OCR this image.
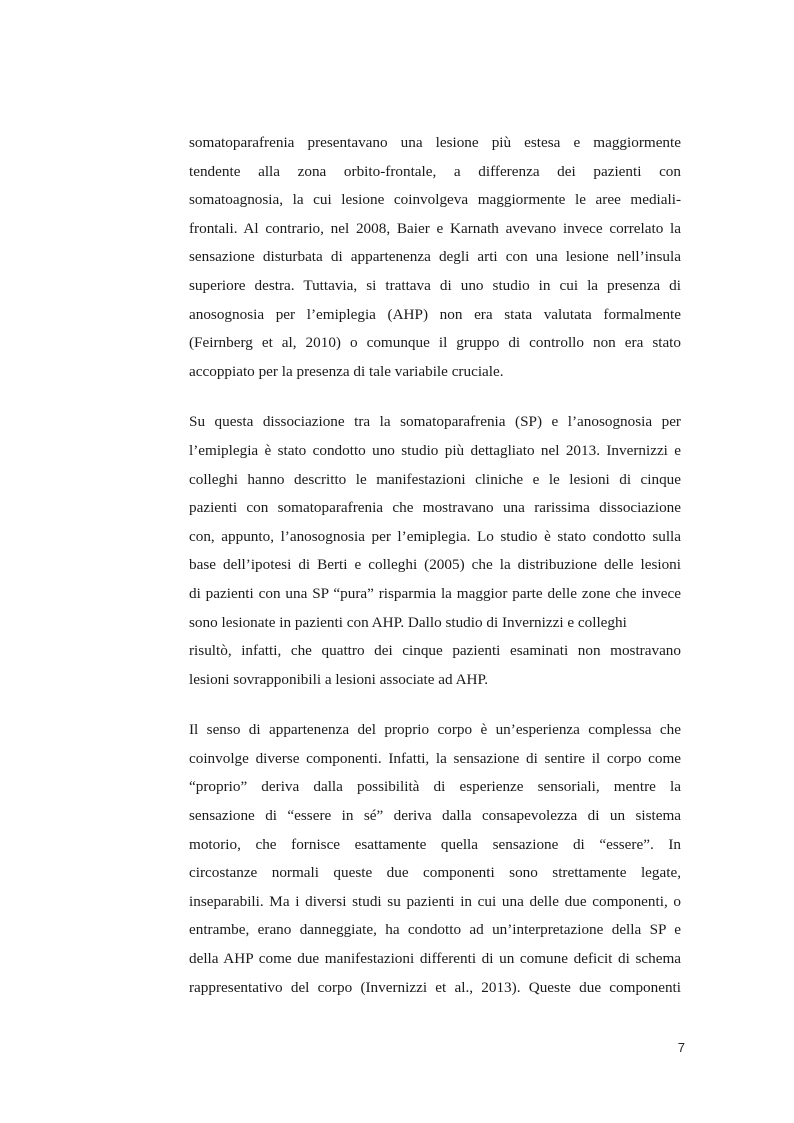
somatoparafrenia presentavano una lesione più estesa e maggiormente
tendente alla zona orbito-frontale, a differenza dei pazienti con
somatoagnosia, la cui lesione coinvolgeva maggiormente le aree mediali-
frontali. Al contrario, nel 2008, Baier e Karnath avevano invece correlato la
sensazione disturbata di appartenenza degli arti con una lesione nell’insula
superiore destra. Tuttavia, si trattava di uno studio in cui la presenza di
anosognosia per l’emiplegia (AHP) non era stata valutata formalmente
(Feirnberg et al, 2010) o comunque il gruppo di controllo non era stato
accoppiato per la presenza di tale variabile cruciale.
Su questa dissociazione tra la somatoparafrenia (SP) e l’anosognosia per
l’emiplegia è stato condotto uno studio più dettagliato nel 2013. Invernizzi e
colleghi hanno descritto le manifestazioni cliniche e le lesioni di cinque
pazienti con somatoparafrenia che mostravano una rarissima dissociazione
con, appunto, l’anosognosia per l’emiplegia. Lo studio è stato condotto sulla
base dell’ipotesi di Berti e colleghi (2005) che la distribuzione delle lesioni
di pazienti con una SP “pura” risparmia la maggior parte delle zone che invece
sono lesionate in pazienti con AHP. Dallo studio di Invernizzi e colleghi
risultò, infatti, che quattro dei cinque pazienti esaminati non mostravano
lesioni sovrapponibili a lesioni associate ad AHP.
Il senso di appartenenza del proprio corpo è un’esperienza complessa che
coinvolge diverse componenti. Infatti, la sensazione di sentire il corpo come
“proprio” deriva dalla possibilità di esperienze sensoriali, mentre la
sensazione di “essere in sé” deriva dalla consapevolezza di un sistema
motorio, che fornisce esattamente quella sensazione di “essere”. In
circostanze normali queste due componenti sono strettamente legate,
inseparabili. Ma i diversi studi su pazienti in cui una delle due componenti, o
entrambe, erano danneggiate, ha condotto ad un’interpretazione della SP e
della AHP come due manifestazioni differenti di un comune deficit di schema
rappresentativo del corpo (Invernizzi et al., 2013). Queste due componenti
7
